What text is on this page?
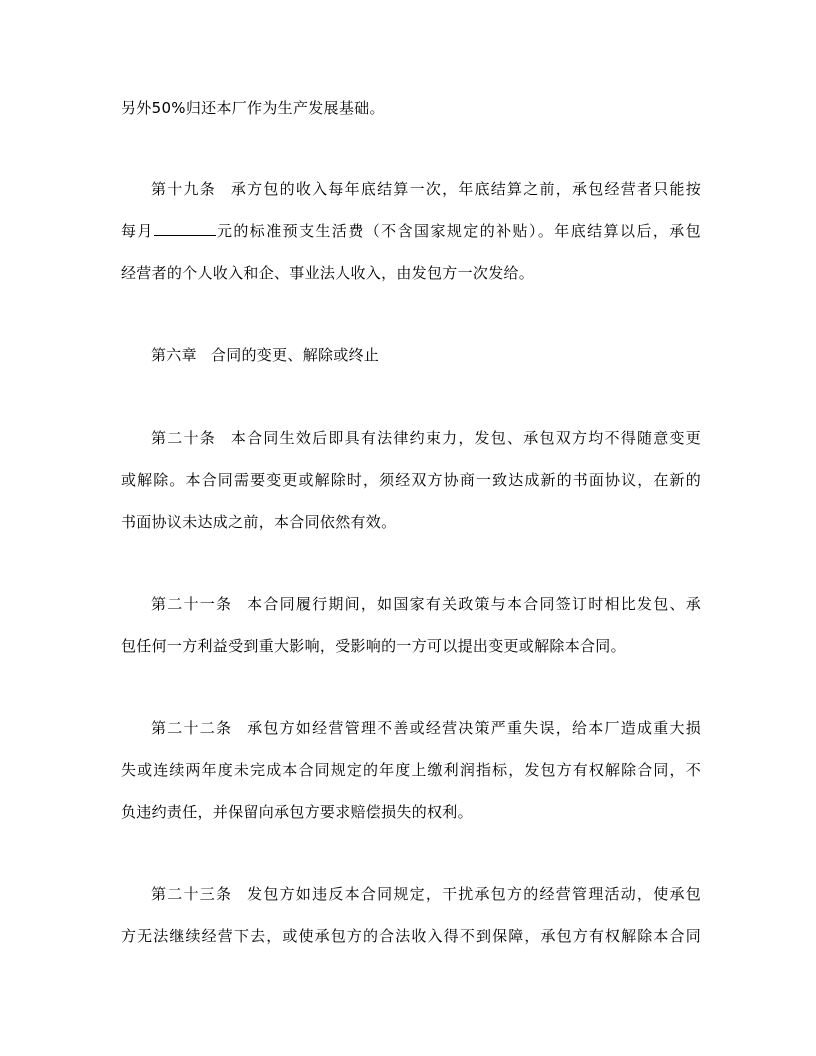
另外50%归还本厂作为生产发展基础。
第十九条 承方包的收入每年底结算一次，年底结算之前，承包经营者只能按
每月	元的标准预支生活费（不含国家规定的补贴）。年底结算以后，承包
经营者的个人收入和企、事业法人收入，由发包方一次发给。
第六章 合同的变更、解除或终止
第二十条 本合同生效后即具有法律约束力，发包、承包双方均不得随意变更
或解除。本合同需要变更或解除时，须经双方协商一致达成新的书面协议，在新的
书面协议未达成之前，本合同依然有效。
第二十一条 本合同履行期间，如国家有关政策与本合同签订时相比发包、承
包任何一方利益受到重大影响，受影响的一方可以提出变更或解除本合同。
第二十二条 承包方如经营管理不善或经营决策严重失误，给本厂造成重大损
失或连续两年度未完成本合同规定的年度上缴利润指标，发包方有权解除合同，不
负违约责任，并保留向承包方要求赔偿损失的权利。
第二十三条 发包方如违反本合同规定，干扰承包方的经营管理活动，使承包
方无法继续经营下去，或使承包方的合法收入得不到保障，承包方有权解除本合同
